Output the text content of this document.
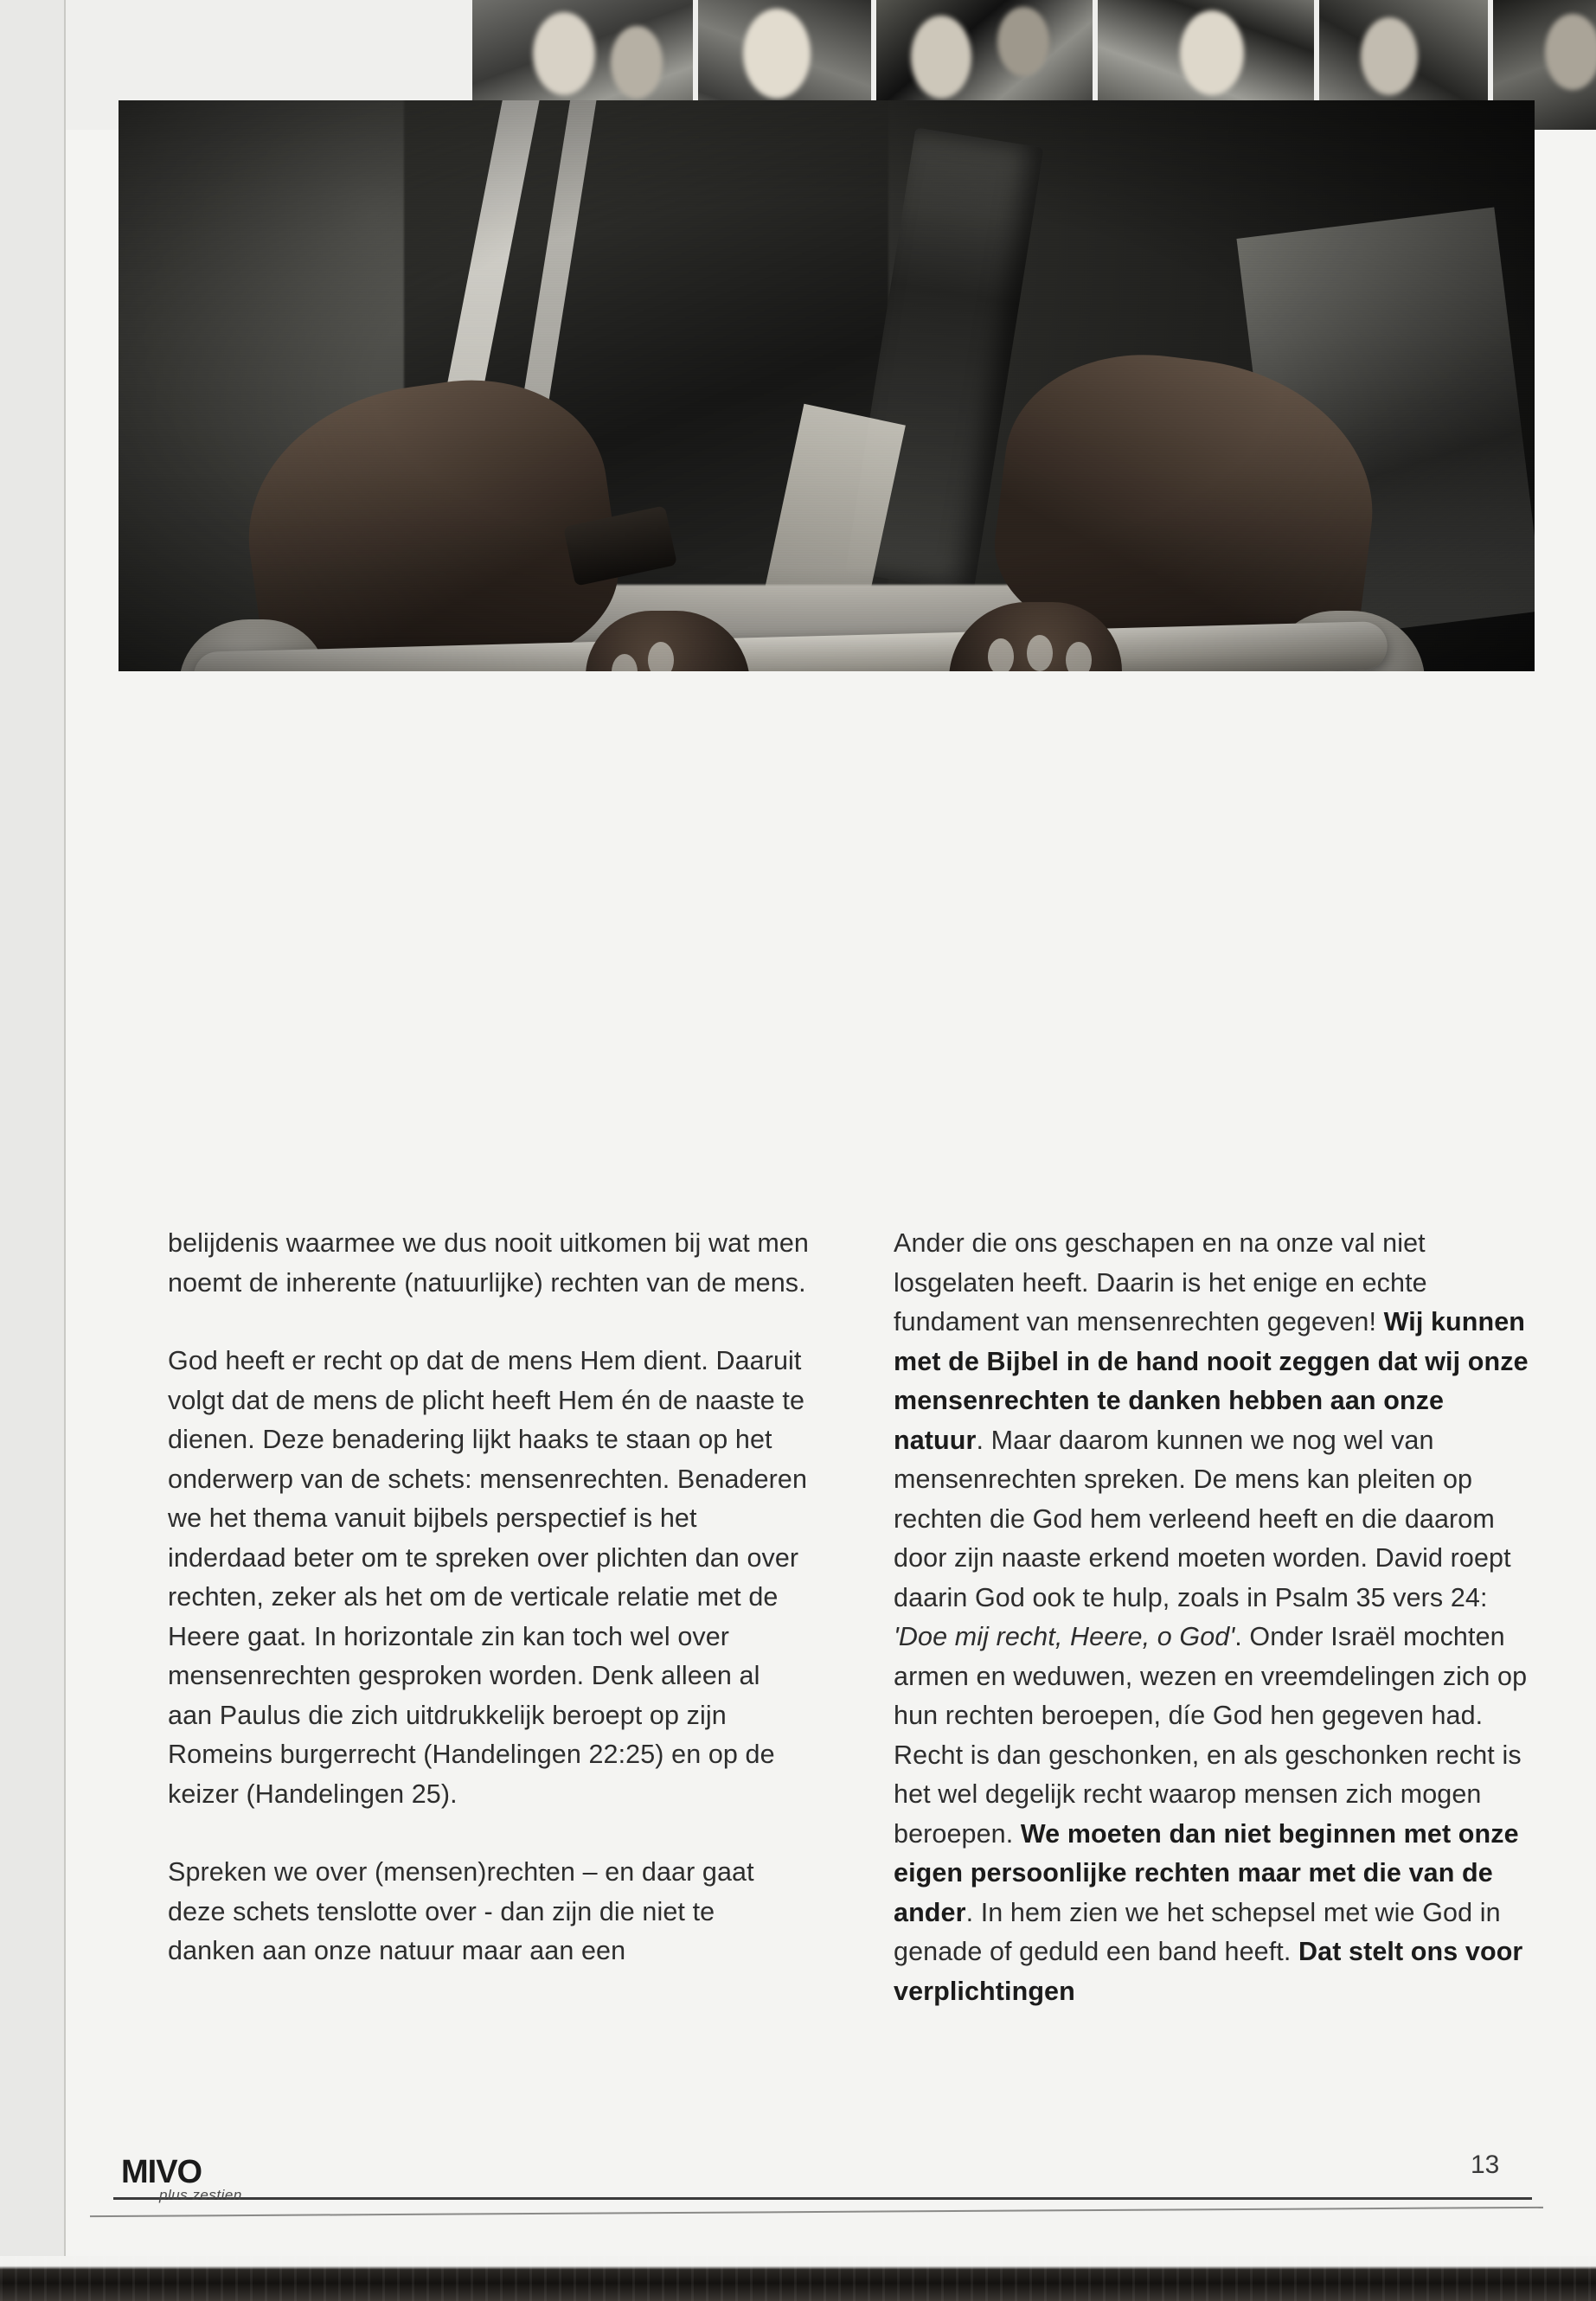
belijdenis waarmee we dus nooit uitkomen bij wat men noemt de inherente (natuurlijke) rechten van de mens.

God heeft er recht op dat de mens Hem dient. Daaruit volgt dat de mens de plicht heeft Hem én de naaste te dienen. Deze benadering lijkt haaks te staan op het onderwerp van de schets: mensenrechten. Benaderen we het thema vanuit bijbels perspectief is het inderdaad beter om te spreken over plichten dan over rechten, zeker als het om de verticale relatie met de Heere gaat. In horizontale zin kan toch wel over mensenrechten gesproken worden. Denk alleen al aan Paulus die zich uitdrukkelijk beroept op zijn Romeins burgerrecht (Handelingen 22:25) en op de keizer (Handelingen 25).

Spreken we over (mensen)rechten – en daar gaat deze schets tenslotte over - dan zijn die niet te danken aan onze natuur maar aan een

Ander die ons geschapen en na onze val niet losgelaten heeft. Daarin is het enige en echte fundament van mensenrechten gegeven! Wij kunnen met de Bijbel in de hand nooit zeggen dat wij onze mensenrechten te danken hebben aan onze natuur. Maar daarom kunnen we nog wel van mensenrechten spreken. De mens kan pleiten op rechten die God hem verleend heeft en die daarom door zijn naaste erkend moeten worden. David roept daarin God ook te hulp, zoals in Psalm 35 vers 24: 'Doe mij recht, Heere, o God'. Onder Israël mochten armen en weduwen, wezen en vreemdelingen zich op hun rechten beroepen, díe God hen gegeven had. Recht is dan geschonken, en als geschonken recht is het wel degelijk recht waarop mensen zich mogen beroepen. We moeten dan niet beginnen met onze eigen persoonlijke rechten maar met die van de ander. In hem zien we het schepsel met wie God in genade of geduld een band heeft. Dat stelt ons voor verplichtingen

MIVO
plus zestien
13
